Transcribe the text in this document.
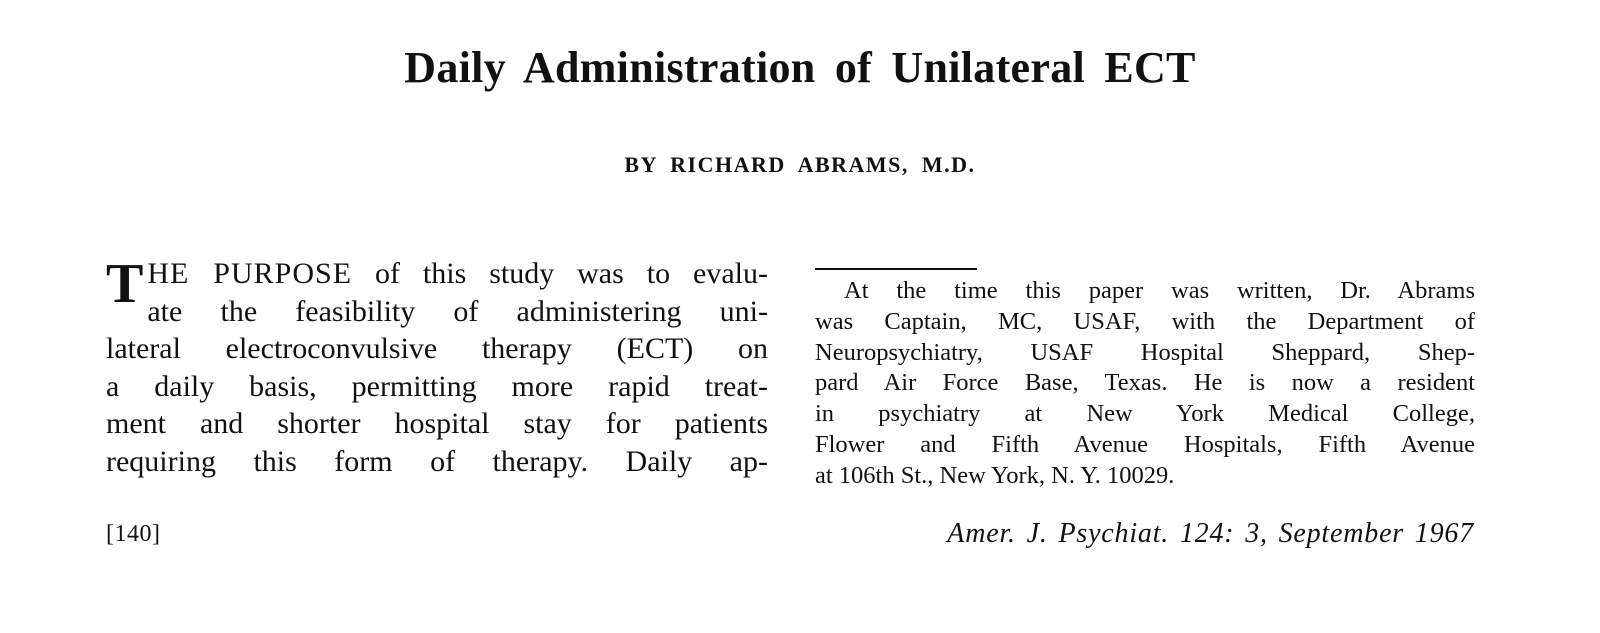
Daily Administration of Unilateral ECT
BY RICHARD ABRAMS, M.D.
T HE PURPOSE of this study was to evalu-
ate the feasibility of administering uni-
lateral electroconvulsive therapy (ECT) on
a daily basis, permitting more rapid treat-
ment and shorter hospital stay for patients
requiring this form of therapy. Daily ap-
At the time this paper was written, Dr. Abrams
was Captain, MC, USAF, with the Department of
Neuropsychiatry, USAF Hospital Sheppard, Shep-
pard Air Force Base, Texas. He is now a resident
in psychiatry at New York Medical College,
Flower and Fifth Avenue Hospitals, Fifth Avenue
at 106th St., New York, N. Y. 10029.
[140]	Amer. J. Psychiat. 124: 3, September 1967
